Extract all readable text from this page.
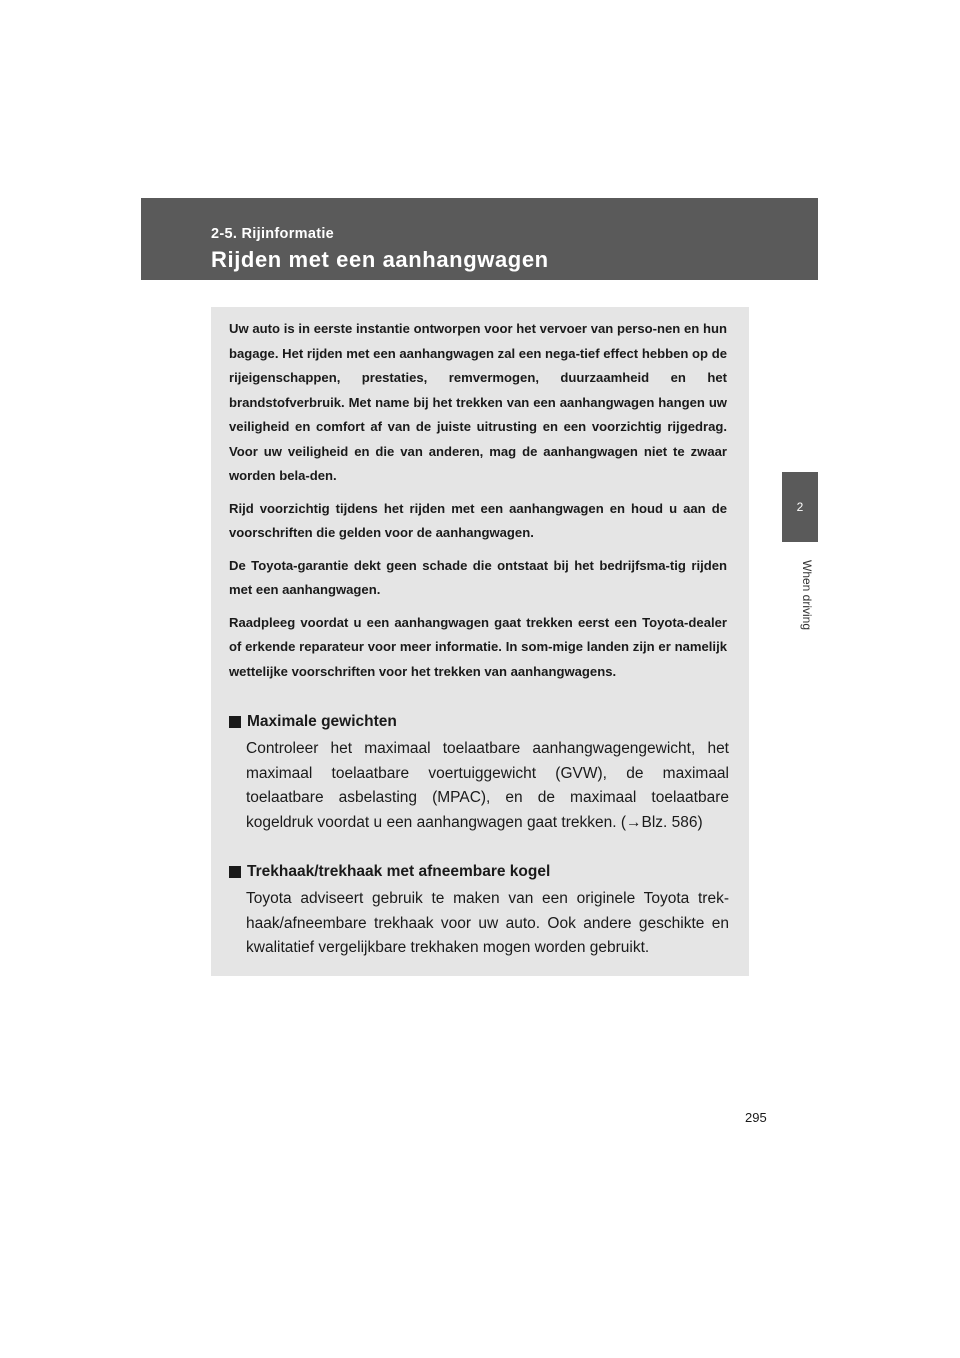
2-5. Rijinformatie
Rijden met een aanhangwagen
2
When driving

Uw auto is in eerste instantie ontworpen voor het vervoer van perso-nen en hun bagage. Het rijden met een aanhangwagen zal een nega-tief effect hebben op de rijeigenschappen, prestaties, remvermogen, duurzaamheid en het brandstofverbruik. Met name bij het trekken van een aanhangwagen hangen uw veiligheid en comfort af van de juiste uitrusting en een voorzichtig rijgedrag. Voor uw veiligheid en die van anderen, mag de aanhangwagen niet te zwaar worden bela-den.

Rijd voorzichtig tijdens het rijden met een aanhangwagen en houd u aan de voorschriften die gelden voor de aanhangwagen.

De Toyota-garantie dekt geen schade die ontstaat bij het bedrijfsma-tig rijden met een aanhangwagen.

Raadpleeg voordat u een aanhangwagen gaat trekken eerst een Toyota-dealer of erkende reparateur voor meer informatie. In som-mige landen zijn er namelijk wettelijke voorschriften voor het trekken van aanhangwagens.

Maximale gewichten
Controleer het maximaal toelaatbare aanhangwagengewicht, het maximaal toelaatbare voertuiggewicht (GVW), de maximaal toelaatbare asbelasting (MPAC), en de maximaal toelaatbare kogeldruk voordat u een aanhangwagen gaat trekken. (→Blz. 586)
Trekhaak/trekhaak met afneembare kogel
Toyota adviseert gebruik te maken van een originele Toyota trek-haak/afneembare trekhaak voor uw auto. Ook andere geschikte en kwalitatief vergelijkbare trekhaken mogen worden gebruikt.
295
